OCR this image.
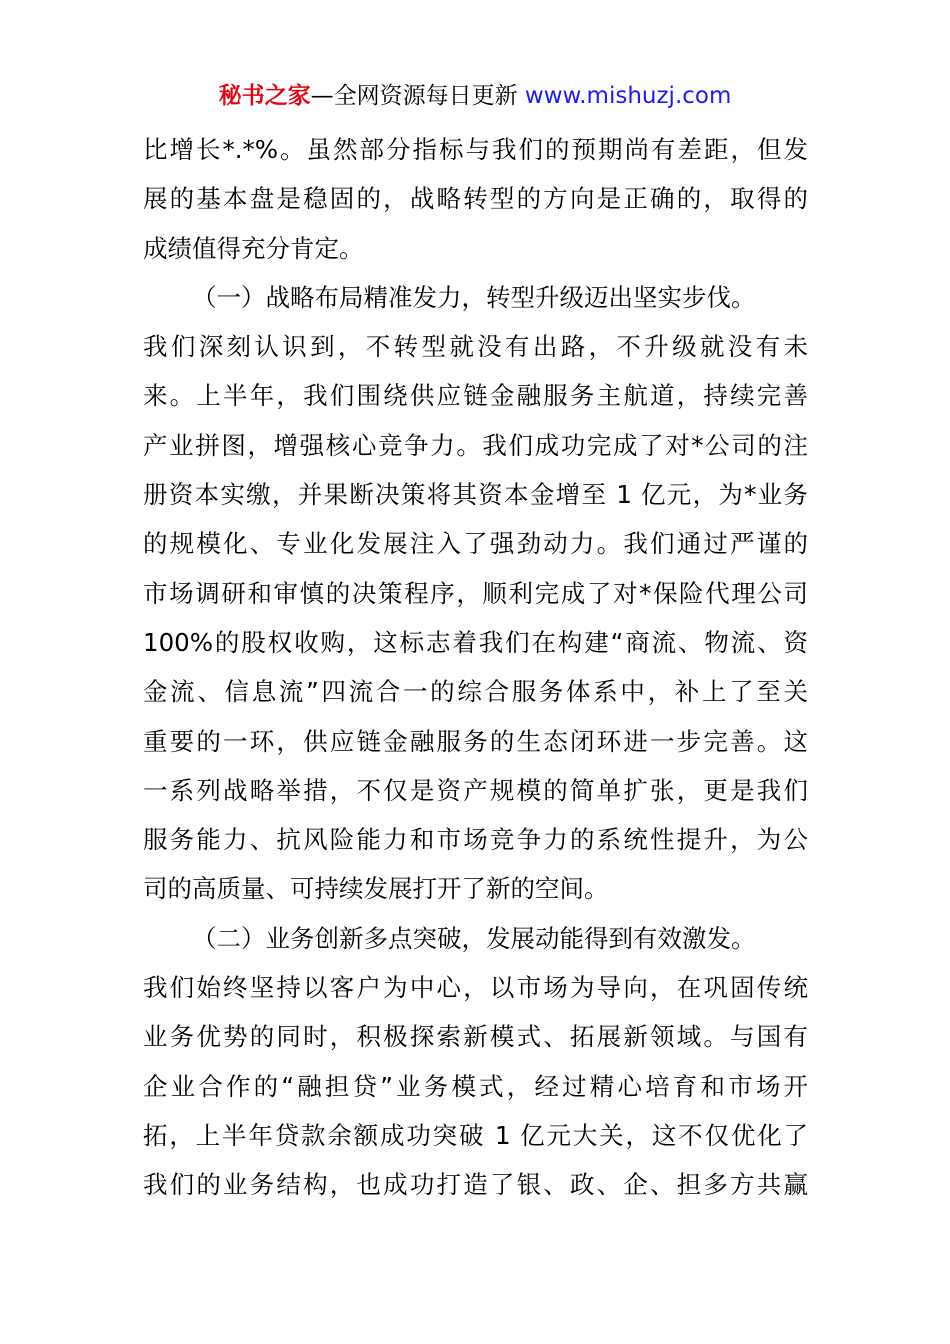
秘书之家—全网资源每日更新 www.mishuzj.com
比增长*.*%。虽然部分指标与我们的预期尚有差距，但发
展的基本盘是稳固的，战略转型的方向是正确的，取得的
成绩值得充分肯定。
（一）战略布局精准发力，转型升级迈出坚实步伐。
我们深刻认识到，不转型就没有出路，不升级就没有未
来。上半年，我们围绕供应链金融服务主航道，持续完善
产业拼图，增强核心竞争力。我们成功完成了对*公司的注
册资本实缴，并果断决策将其资本金增至 1 亿元，为*业务
的规模化、专业化发展注入了强劲动力。我们通过严谨的
市场调研和审慎的决策程序，顺利完成了对*保险代理公司
100%的股权收购，这标志着我们在构建“商流、物流、资
金流、信息流”四流合一的综合服务体系中，补上了至关
重要的一环，供应链金融服务的生态闭环进一步完善。这
一系列战略举措，不仅是资产规模的简单扩张，更是我们
服务能力、抗风险能力和市场竞争力的系统性提升，为公
司的高质量、可持续发展打开了新的空间。
（二）业务创新多点突破，发展动能得到有效激发。
我们始终坚持以客户为中心，以市场为导向，在巩固传统
业务优势的同时，积极探索新模式、拓展新领域。与国有
企业合作的“融担贷”业务模式，经过精心培育和市场开
拓，上半年贷款余额成功突破 1 亿元大关，这不仅优化了
我们的业务结构，也成功打造了银、政、企、担多方共赢
